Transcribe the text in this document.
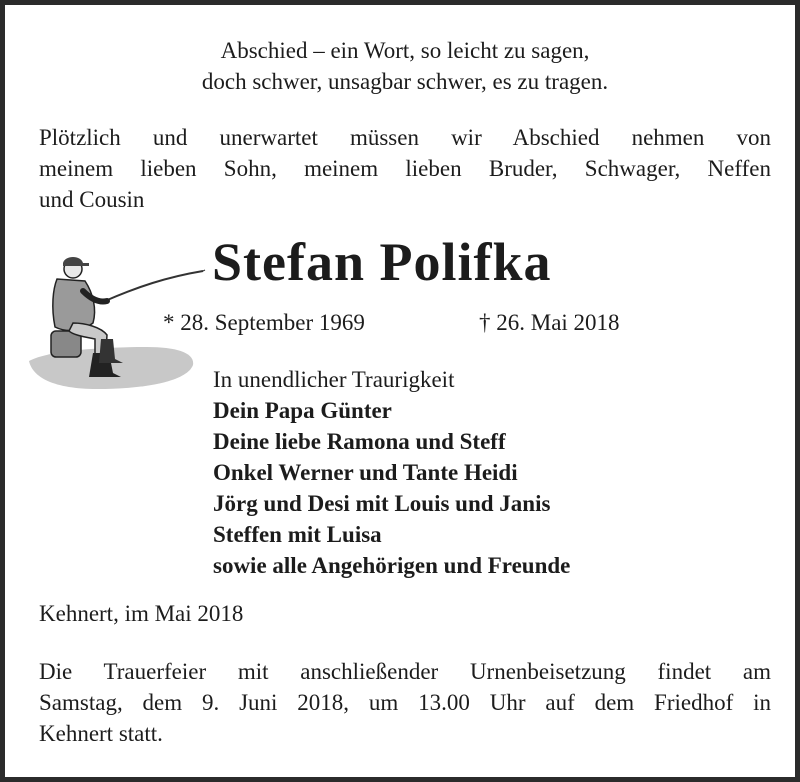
Abschied – ein Wort, so leicht zu sagen,
doch schwer, unsagbar schwer, es zu tragen.
Plötzlich und unerwartet müssen wir Abschied nehmen von
meinem lieben Sohn, meinem lieben Bruder, Schwager, Neffen
und Cousin
Stefan Polifka
* 28. September 1969	† 26. Mai 2018
In unendlicher Traurigkeit
Dein Papa Günter
Deine liebe Ramona und Steff
Onkel Werner und Tante Heidi
Jörg und Desi mit Louis und Janis
Steffen mit Luisa
sowie alle Angehörigen und Freunde
Kehnert, im Mai 2018
Die Trauerfeier mit anschließender Urnenbeisetzung findet am
Samstag, dem 9. Juni 2018, um 13.00 Uhr auf dem Friedhof in
Kehnert statt.
